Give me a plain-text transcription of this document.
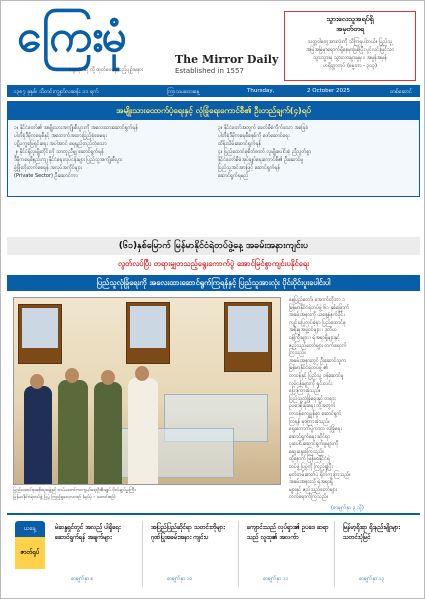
ကြေးမုံ
ရှေးသုံး ဆို လို့ ထုတ်ဝေနေသည့်ပျဉ်းမနား
The Mirror Daily
Established in 1557
သွားလေသူအရပ်ရှိ
အမှတ်တရ
သတ္တဝါတွေအားလုံးကို သိကြရပါတယ်။ ပြည်သူ့
အမြဲအမြဲမှာရောက်ရှိနေမှာဖြစ်ပြီး ပွင့်လင်းမြင်သာ
သွားသွားမှ သွားလားမွားမှုမှ ။ အမှုန်အမှန်
ဟရိုတ္တာကုပ် (ဓမ္မဘာ - ၃၀၃)
၁၃၈၇ ခုနှစ်၊ သီတင်းကျွတ်လဆန်း ၁၁ ရက်	ကြာသပတေးနေ့	Thursday,	2 October 2025	တစ်ဆောင်
အမျိုးသားထောက်ပံ့ရေးနှင့် လုံခြုံရေးကောင်စီ၏ ဦးတည်ချက်(၄)ရပ်
၁။ နိုင်ငံတော်၏ အမျိုးသားအကျိုးစီးပွားကို အလေးထားဆောင်ရွက်ရန်
ပါတီစုံဒီမိုကရေစီနှင့် အထောက်အထားပြည့်စုံစေရေး
ပဋိပက္ခဖြေရှင်းရေး အပါအဝင် ရေရှည်တည်တံ့သော
၂။ နိုင်ငံရှိလူမျိုးတိုင်းကို သာတူညီမျှ ဆောင်ရွက်ရန်
ဒီမိုကရေစီနည်းကျ နိုင်ငံရေးလုပ်ငန်းများ ပြည်သူ့အကျိုးစီးပွား
ဖွံ့ဖြိုးတိုးတက်စေရန် အလုပ်အကိုင်များ
(Private Sector) ဦးဆောင်ကာ
၃။ နိုင်ငံတော်အတွက် ခေတ်မီစံကိုက်သော အခြေခံ
ပါတီစုံဒီမိုကရေစီစနစ်ကို ဖော်ဆောင်ရေး
ထိန်းသိမ်းဆောင်ရွက်ရန်
၄။ ပြည်ထောင်စုစိတ်ဓာတ် လူမျိုးပေါင်းစုံ ညီညွတ်စွာ
နိုင်ငံတော်စီမံအုပ်ချုပ်ရေးကောင်စီ၏ ဦးဆောင်မှု
ပြည်သူ့အင်အားဖြင့် ဆောင်ရွက်ရန်
ဆောင်ရွက်ရမည်
(၆၁)နှစ်မြောက် မြန်မာနိုင်ငံရဲတပ်ဖွဲ့နေ့ အခမ်းအနားကျင်းပ
လွတ်လပ်ပြီး တရားမျှတသည့်ရွေးကောက်ပွဲ အောင်မြင်စွာကျင်းပနိုင်ရေး
ပြည်သူလုံခြုံရေးကို အလေးထားဆောင်ရွက်ကြရန်နှင့် ပြည်သူအားလုံး ပိုင်းပိုင်းပူးပေါင်းပါ
ပြည်ထောင်စုအစိုးရအဖွဲ့နှင့် တပ်မတော်ကာကွယ်ရေးဦးစီးချုပ် ဗိုလ်ချုပ်မှူးကြီး
မြန်မာနိုင်ငံရဲတပ်ဖွဲ့ ပြပွဲ ကြည့်ရှုလေ့လာစဉ် (ရုပ်ပုံ - သတင်းစဉ်)
နေပြည်တော်၊ အောက်တိုဘာ ၁
မြန်မာနိုင်ငံရဲတပ်ဖွဲ့ ၆၁ နှစ်မြောက်
အခမ်းအနားကို ယနေ့နံနက်ပိုင်း
ကျင်းပပြုလုပ်ခဲ့ရာ ပြည်ထောင်စု
အစိုးရအဖွဲ့ဝင်များ ၊ ဒုတိယ
ဝန်ကြီးများ ၊ ရဲအရာရှိများနှင့်
ဧည့်သည်တော်များ တက်ရောက်
ကြသည်။
အခမ်းအနားတွင် ဦးဆောင်သူက
မြန်မာနိုင်ငံရဲတပ်ဖွဲ့ ၏
တာဝန်နှင့် ပြည်သူ့ ဝန်ဆောင်မှု
လုပ်ငန်းများကို ရှင်းလင်း
ပြောကြားခဲ့သည်။
ပြည်သူ့လုံခြုံရေးနှင့် တရား
ဥပဒေစိုးမိုးရေး တို့အတွက်
တာဝန်ကျေပွန်စွာ ဆောင်ရွက်
ကြရန် မှာကြားခဲ့သည်။
ရွေးကောက်ပွဲကာလ လုံခြုံရေး
ဆောင်ရွက်ရေး ဆိုင်ရာ
ပူးပေါင်းဆောင်ရွက်မှုများကို
ဆွေးနွေးခဲ့ကြသည်။
ထို့နောက် မြန်မာနိုင်ငံရဲ
တပ်ဖွဲ့ ပြပွဲကို ကြည့်ရှုပြီး
မှတ်တမ်းဓာတ်ပုံ ရိုက်ကူးကြသည်။
အခမ်းအနားသို့ ရဲအရာရှိ
များနှင့် ဧည့်သည်တော်များ
တက်ရောက်ကြသည်။
(စာမျက်နှာ ၃ သို့)
ယနေ့
ဇာတ်ရုပ်
မဲဆန္ဒရှင်တွင် အလည် ပါရှိရေးဆောင်ရွက်ရန် အချက်များ
စာမျက်နှာ ၈
အပြည်ပြည်ဆိုင်ရာ သတင်းတိုများ ဂုဏ်ပြုအခမ်းအနား ကျင်းပ
စာမျက်နှာ ၁၀
ကျောင်းသည် လုပ်ရှား၏ ဥပဒေ ဆရာသည် လူထု၏ အလက်ာ
စာမျက်နှာ ၁၁
မြန်မာ့ရိုးရာ ရိုးနည်းမျိုးများ သတင်းပုံမြင်
စာမျက်နှာ ၁၃
